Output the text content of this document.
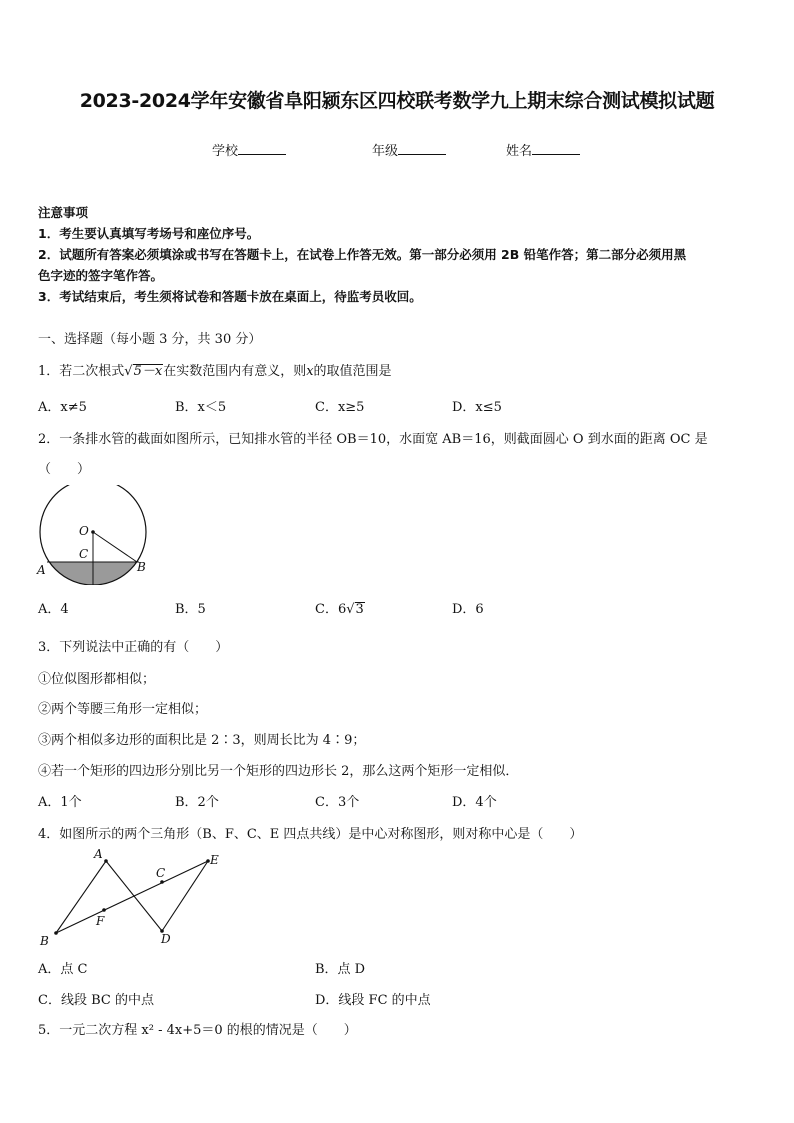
2023-2024学年安徽省阜阳颍东区四校联考数学九上期末综合测试模拟试题
学校	年级	姓名
注意事项
1．考生要认真填写考场号和座位序号。
2．试题所有答案必须填涂或书写在答题卡上，在试卷上作答无效。第一部分必须用 2B 铅笔作答；第二部分必须用黑
色字迹的签字笔作答。
3．考试结束后，考生须将试卷和答题卡放在桌面上，待监考员收回。
一、选择题（每小题 3 分，共 30 分）
1．若二次根式√5－x在实数范围内有意义，则x的取值范围是
A．x≠5	B．x＜5	C．x≥5	D．x≤5
2．一条排水管的截面如图所示，已知排水管的半径 OB＝10，水面宽 AB＝16，则截面圆心 O 到水面的距离 OC 是
（　　）
O
C
A	B
A．4	B．5	C．6√3	D．6
3．下列说法中正确的有（　　）
①位似图形都相似；
②两个等腰三角形一定相似；
③两个相似多边形的面积比是 2∶3，则周长比为 4∶9；
④若一个矩形的四边形分别比另一个矩形的四边形长 2，那么这两个矩形一定相似．
A．1个	B．2个	C．3个	D．4个
4．如图所示的两个三角形（B、F、C、E 四点共线）是中心对称图形，则对称中心是（　　）
A
C
E
F
B	D
A．点 C	B．点 D
C．线段 BC 的中点	D．线段 FC 的中点
5．一元二次方程 x² - 4x+5＝0 的根的情况是（　　）
